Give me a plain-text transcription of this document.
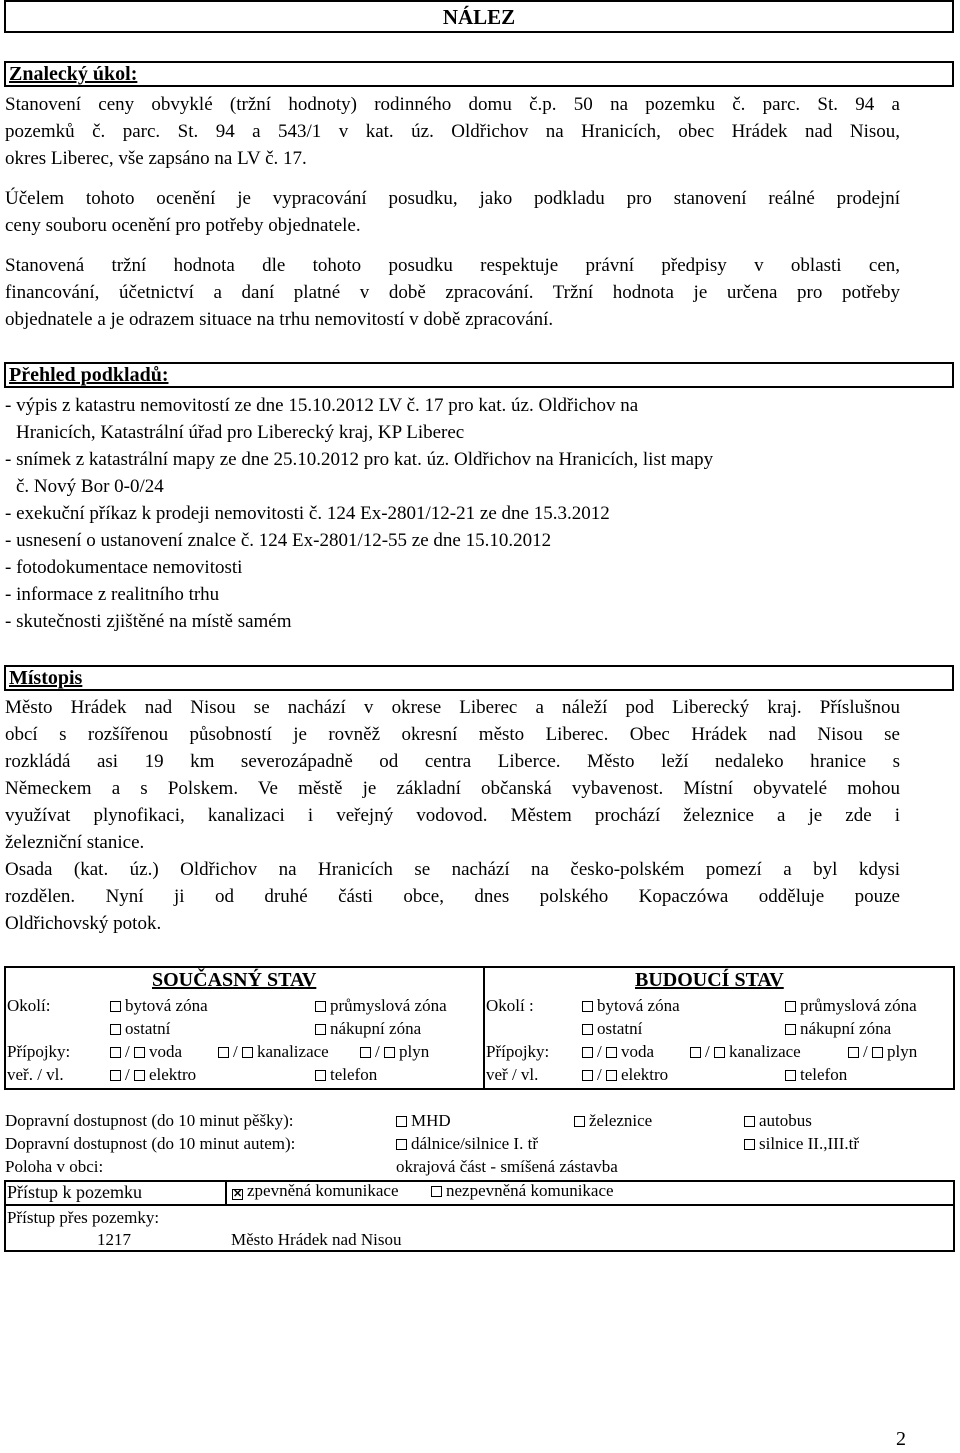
NÁLEZ
Znalecký úkol:
Stanovení ceny obvyklé (tržní hodnoty) rodinného domu č.p. 50 na pozemku č. parc. St. 94 a
pozemků č. parc. St. 94 a 543/1 v kat. úz. Oldřichov na Hranicích, obec Hrádek nad Nisou,
okres Liberec, vše zapsáno na LV č. 17.
Účelem tohoto ocenění je vypracování posudku, jako podkladu pro stanovení reálné prodejní
ceny souboru ocenění pro potřeby objednatele.
Stanovená tržní hodnota dle tohoto posudku respektuje právní předpisy v oblasti cen,
financování, účetnictví a daní platné v době zpracování. Tržní hodnota je určena pro potřeby
objednatele a je odrazem situace na trhu nemovitostí v době zpracování.
Přehled podkladů:
- výpis z katastru nemovitostí ze dne 15.10.2012 LV č. 17 pro kat. úz. Oldřichov na
Hranicích, Katastrální úřad pro Liberecký kraj, KP Liberec
- snímek z katastrální mapy ze dne 25.10.2012 pro kat. úz. Oldřichov na Hranicích, list mapy
č. Nový Bor 0-0/24
- exekuční příkaz k prodeji nemovitosti č. 124 Ex-2801/12-21 ze dne 15.3.2012
- usnesení o ustanovení znalce č. 124 Ex-2801/12-55 ze dne 15.10.2012
- fotodokumentace nemovitosti
- informace z realitního trhu
- skutečnosti zjištěné na místě samém
Místopis
Město Hrádek nad Nisou se nachází v okrese Liberec a náleží pod Liberecký kraj. Příslušnou
obcí s rozšířenou působností je rovněž okresní město Liberec. Obec Hrádek nad Nisou se
rozkládá asi 19 km severozápadně od centra Liberce. Město leží nedaleko hranice s
Německem a s Polskem. Ve městě je základní občanská vybavenost. Místní obyvatelé mohou
využívat plynofikaci, kanalizaci i veřejný vodovod. Městem prochází železnice a je zde i
železniční stanice.
Osada (kat. úz.) Oldřichov na Hranicích se nachází na česko-polském pomezí a byl kdysi
rozdělen. Nyní ji od druhé části obce, dnes polského Kopaczówa odděluje pouze
Oldřichovský potok.
SOUČASNÝ STAV	BUDOUCÍ STAV
Okolí:	bytová zóna	průmyslová zóna
ostatní	nákupní zóna
Přípojky:	/ voda	/ kanalizace	/ plyn
veř. / vl.	/ elektro	telefon
Okolí :	bytová zóna	průmyslová zóna
ostatní	nákupní zóna
Přípojky:	/ voda	/ kanalizace	/ plyn
veř / vl.	/ elektro	telefon
Dopravní dostupnost (do 10 minut pěšky):	MHD	železnice	autobus
Dopravní dostupnost (do 10 minut autem):	dálnice/silnice I. tř	silnice II.,III.tř
Poloha v obci:	okrajová část - smíšená zástavba
Přístup k pozemku	✕ zpevněná komunikace	nezpevněná komunikace
Přístup přes pozemky:
1217	Město Hrádek nad Nisou
2
